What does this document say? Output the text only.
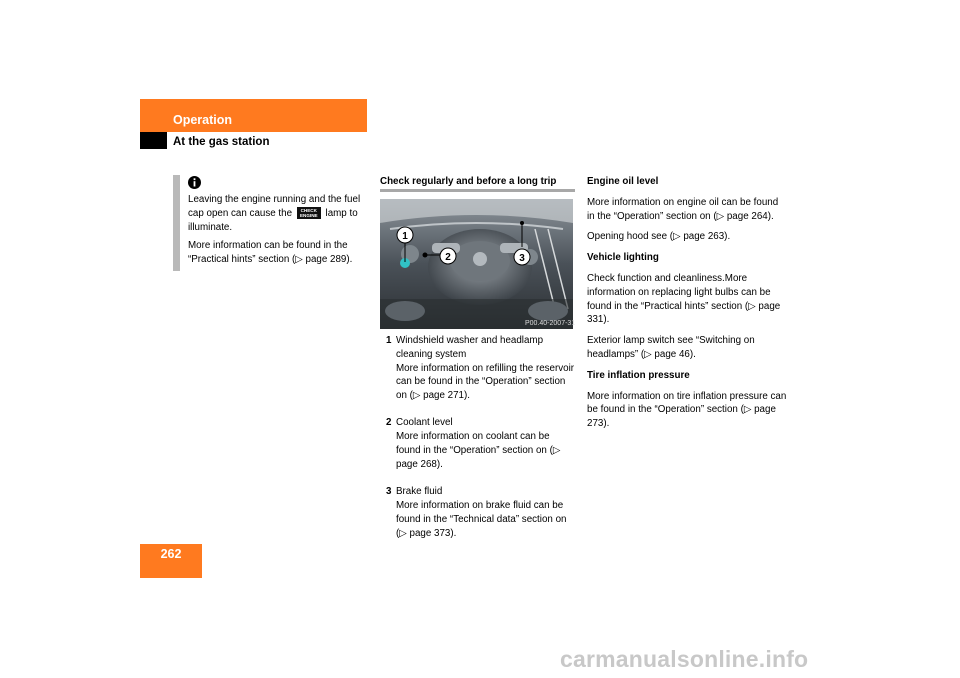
Operation
At the gas station

Leaving the engine running and the fuel cap open can cause the	CHECK
ENGINE lamp to illuminate.

More information can be found in the “Practical hints” section (▷ page 289).

Check regularly and before a long trip
1
2	3
P00.40-2007-31
1 Windshield washer and headlamp cleaning system
More information on refilling the reservoir can be found in the “Operation” section on (▷ page 271).
2 Coolant level
More information on coolant can be found in the “Operation” section on (▷ page 268).
3 Brake fluid
More information on brake fluid can be found in the “Technical data” section on (▷ page 373).
Engine oil level

More information on engine oil can be found in the “Operation” section on (▷ page 264).

Opening hood see (▷ page 263).

Vehicle lighting

Check function and cleanliness.More information on replacing light bulbs can be found in the “Practical hints” section (▷ page 331).

Exterior lamp switch see “Switching on headlamps” (▷ page 46).

Tire inflation pressure

More information on tire inflation pressure can be found in the “Operation” section (▷ page 273).

262
carmanualsonline.info
